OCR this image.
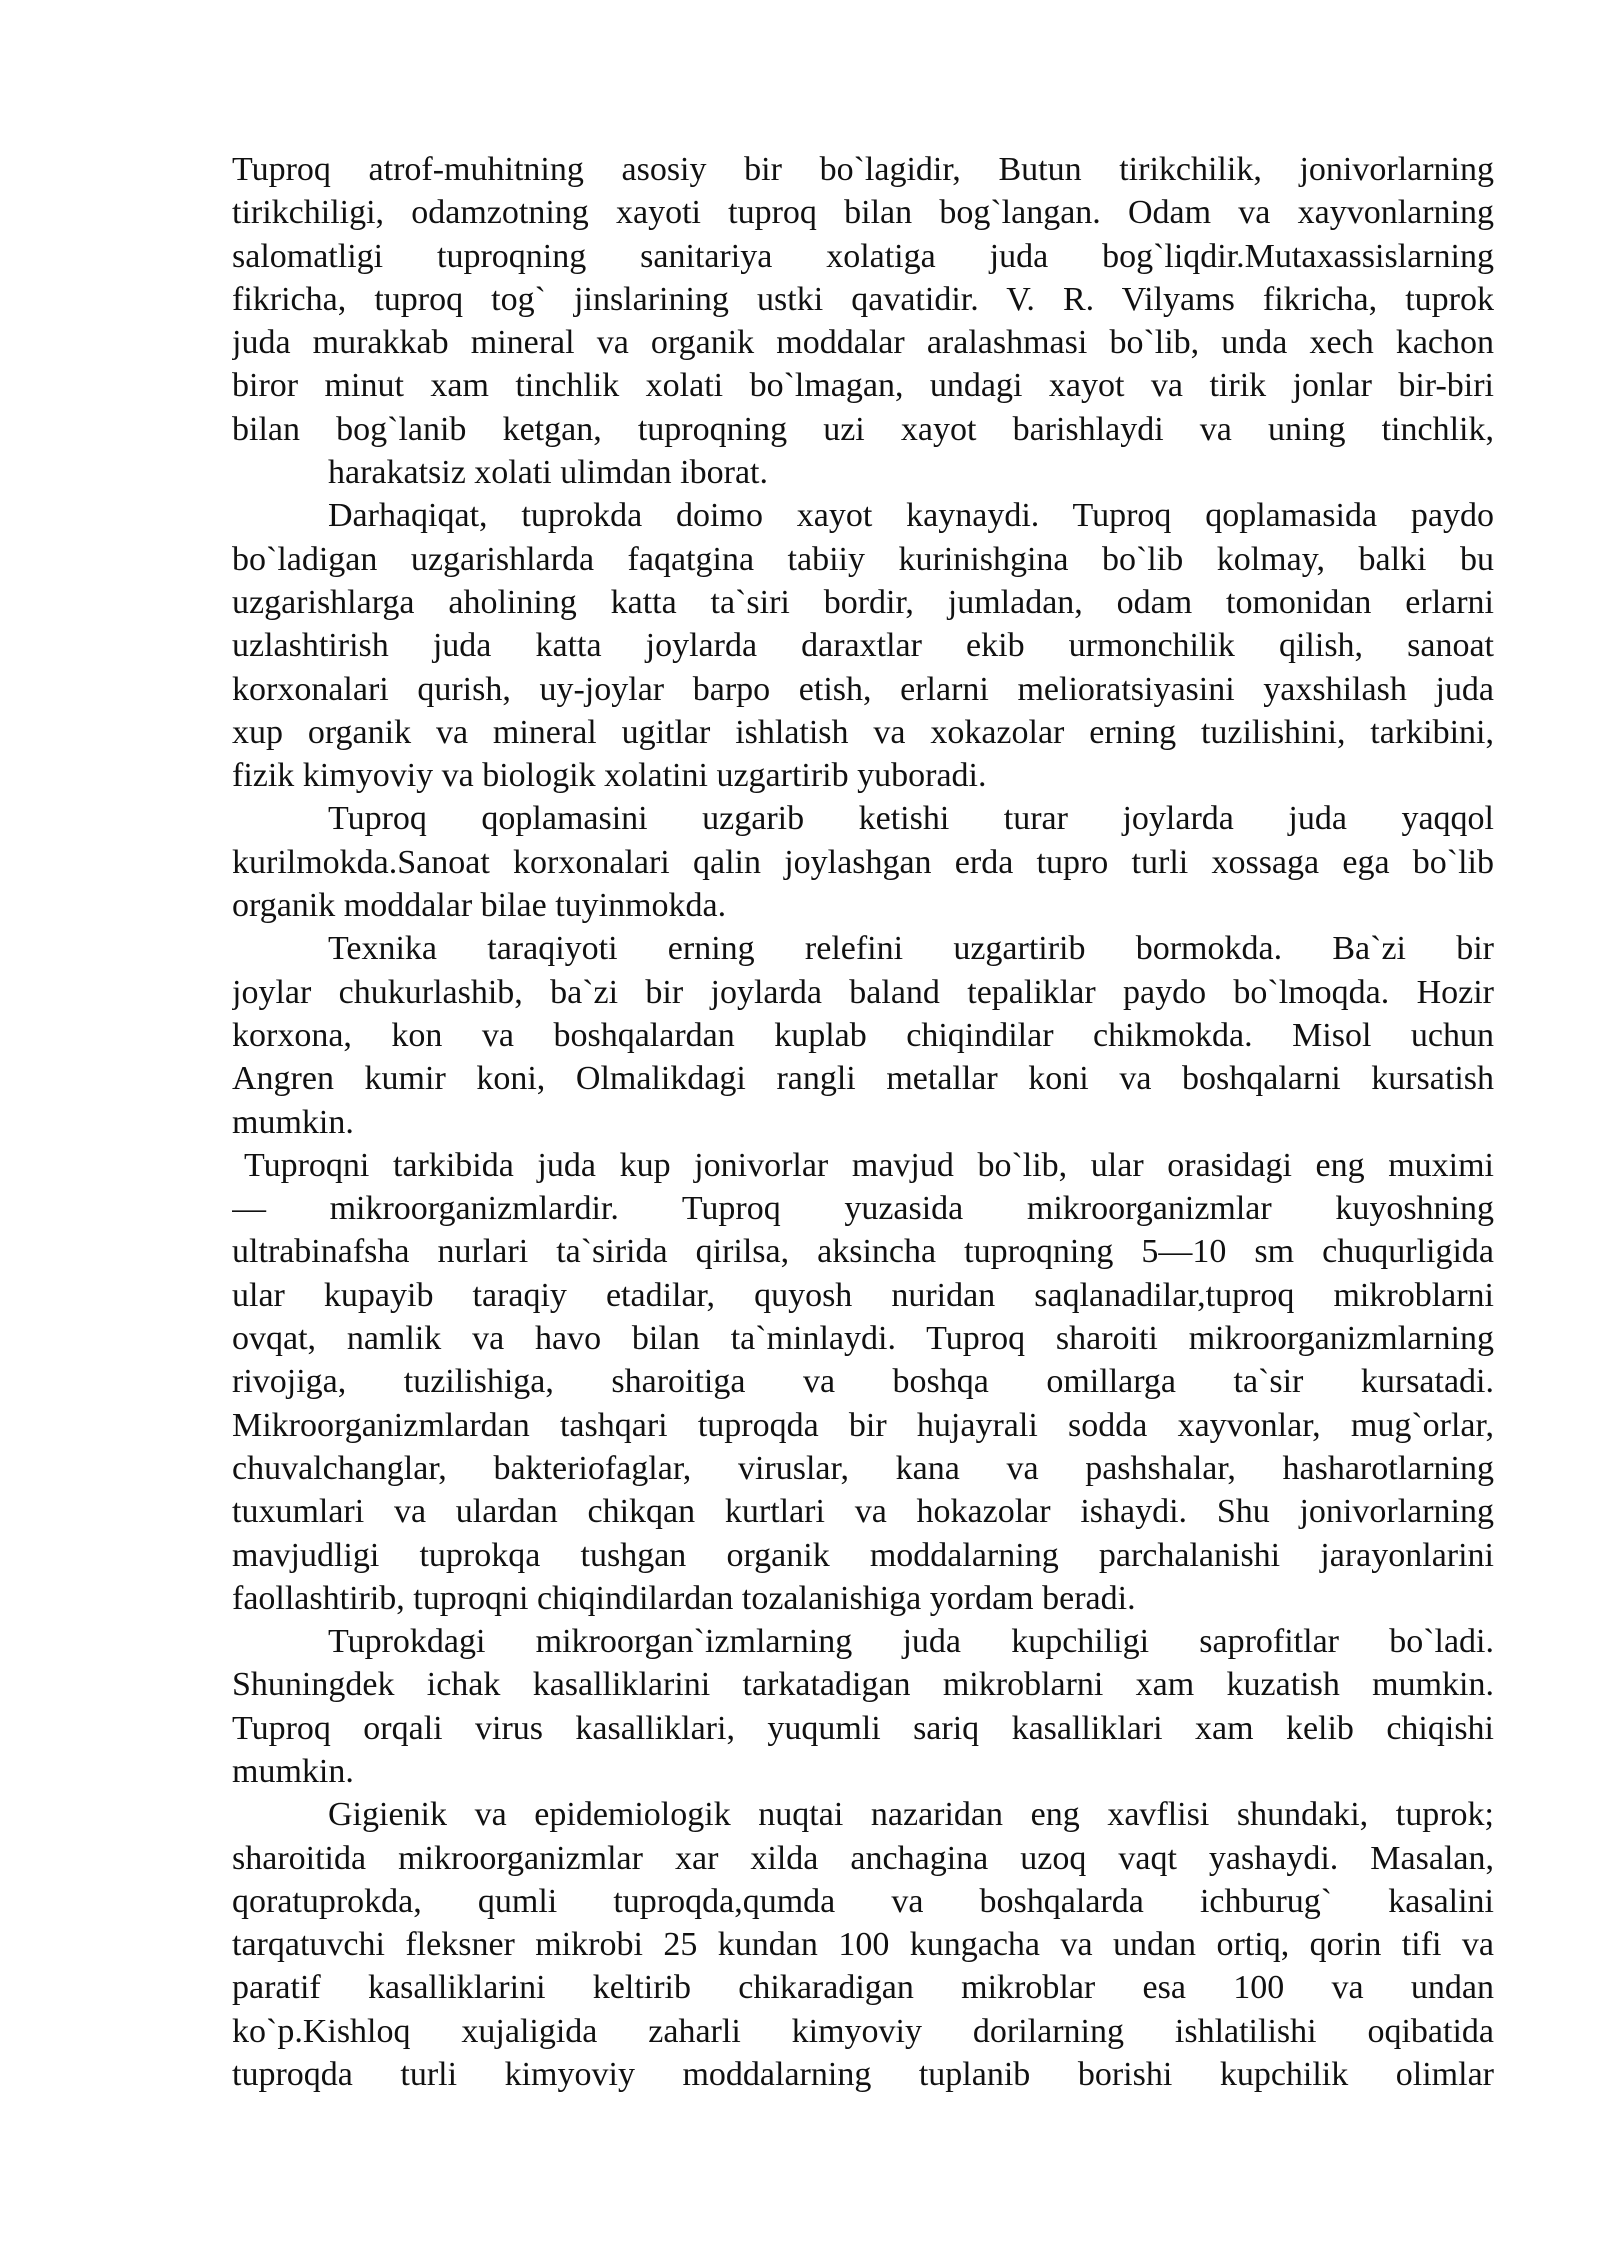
Tuproq atrof-muhitning asosiy bir bo`lagidir, Butun tirikchilik, jonivorlarning
tirikchiligi, odamzotning xayoti tuproq bilan bog`langan. Odam va xayvonlarning
salomatligi tuproqning sanitariya xolatiga juda bog`liqdir.Mutaxassislarning
fikricha, tuproq tog` jinslarining ustki qavatidir. V. R. Vilyams fikricha, tuprok
juda murakkab mineral va organik moddalar aralashmasi bo`lib, unda xech kachon
biror minut xam tinchlik xolati bo`lmagan, undagi xayot va tirik jonlar bir-biri
bilan bog`lanib ketgan, tuproqning uzi xayot barishlaydi va uning tinchlik,
harakatsiz xolati ulimdan iborat.
Darhaqiqat, tuprokda doimo xayot kaynaydi. Tuproq qoplamasida paydo
bo`ladigan uzgarishlarda faqatgina tabiiy kurinishgina bo`lib kolmay, balki bu
uzgarishlarga aholining katta ta`siri bordir, jumladan, odam tomonidan erlarni
uzlashtirish juda katta joylarda daraxtlar ekib urmonchilik qilish, sanoat
korxonalari qurish, uy-joylar barpo etish, erlarni melioratsiyasini yaxshilash juda
xup organik va mineral ugitlar ishlatish va xokazolar erning tuzilishini, tarkibini,
fizik kimyoviy va biologik xolatini uzgartirib yuboradi.
Tuproq qoplamasini uzgarib ketishi turar joylarda juda yaqqol
kurilmokda.Sanoat korxonalari qalin joylashgan erda tupro turli xossaga ega bo`lib
organik moddalar bilae tuyinmokda.
Texnika taraqiyoti erning relefini uzgartirib bormokda. Ba`zi bir
joylar chukurlashib, ba`zi bir joylarda baland tepaliklar paydo bo`lmoqda. Hozir
korxona, kon va boshqalardan kuplab chiqindilar chikmokda. Misol uchun
Angren kumir koni, Olmalikdagi rangli metallar koni va boshqalarni kursatish
mumkin.
Tuproqni tarkibida juda kup jonivorlar mavjud bo`lib, ular orasidagi eng muximi
— mikroorganizmlardir. Tuproq yuzasida mikroorganizmlar kuyoshning
ultrabinafsha nurlari ta`sirida qirilsa, aksincha tuproqning 5—10 sm chuqurligida
ular kupayib taraqiy etadilar, quyosh nuridan saqlanadilar,tuproq mikroblarni
ovqat, namlik va havo bilan ta`minlaydi. Tuproq sharoiti mikroorganizmlarning
rivojiga, tuzilishiga, sharoitiga va boshqa omillarga ta`sir kursatadi.
Mikroorganizmlardan tashqari tuproqda bir hujayrali sodda xayvonlar, mug`orlar,
chuvalchanglar, bakteriofaglar, viruslar, kana va pashshalar, hasharotlarning
tuxumlari va ulardan chikqan kurtlari va hokazolar ishaydi. Shu jonivorlarning
mavjudligi tuprokqa tushgan organik moddalarning parchalanishi jarayonlarini
faollashtirib, tuproqni chiqindilardan tozalanishiga yordam beradi.
Tuprokdagi mikroorgan`izmlarning juda kupchiligi saprofitlar bo`ladi.
Shuningdek ichak kasalliklarini tarkatadigan mikroblarni xam kuzatish mumkin.
Tuproq orqali virus kasalliklari, yuqumli sariq kasalliklari xam kelib chiqishi
mumkin.
Gigienik va epidemiologik nuqtai nazaridan eng xavflisi shundaki, tuprok;
sharoitida mikroorganizmlar xar xilda anchagina uzoq vaqt yashaydi. Masalan,
qoratuprokda, qumli tuproqda,qumda va boshqalarda ichburug` kasalini
tarqatuvchi fleksner mikrobi 25 kundan 100 kungacha va undan ortiq, qorin tifi va
paratif kasalliklarini keltirib chikaradigan mikroblar esa 100 va undan
ko`p.Kishloq xujaligida zaharli kimyoviy dorilarning ishlatilishi oqibatida
tuproqda turli kimyoviy moddalarning tuplanib borishi kupchilik olimlar
